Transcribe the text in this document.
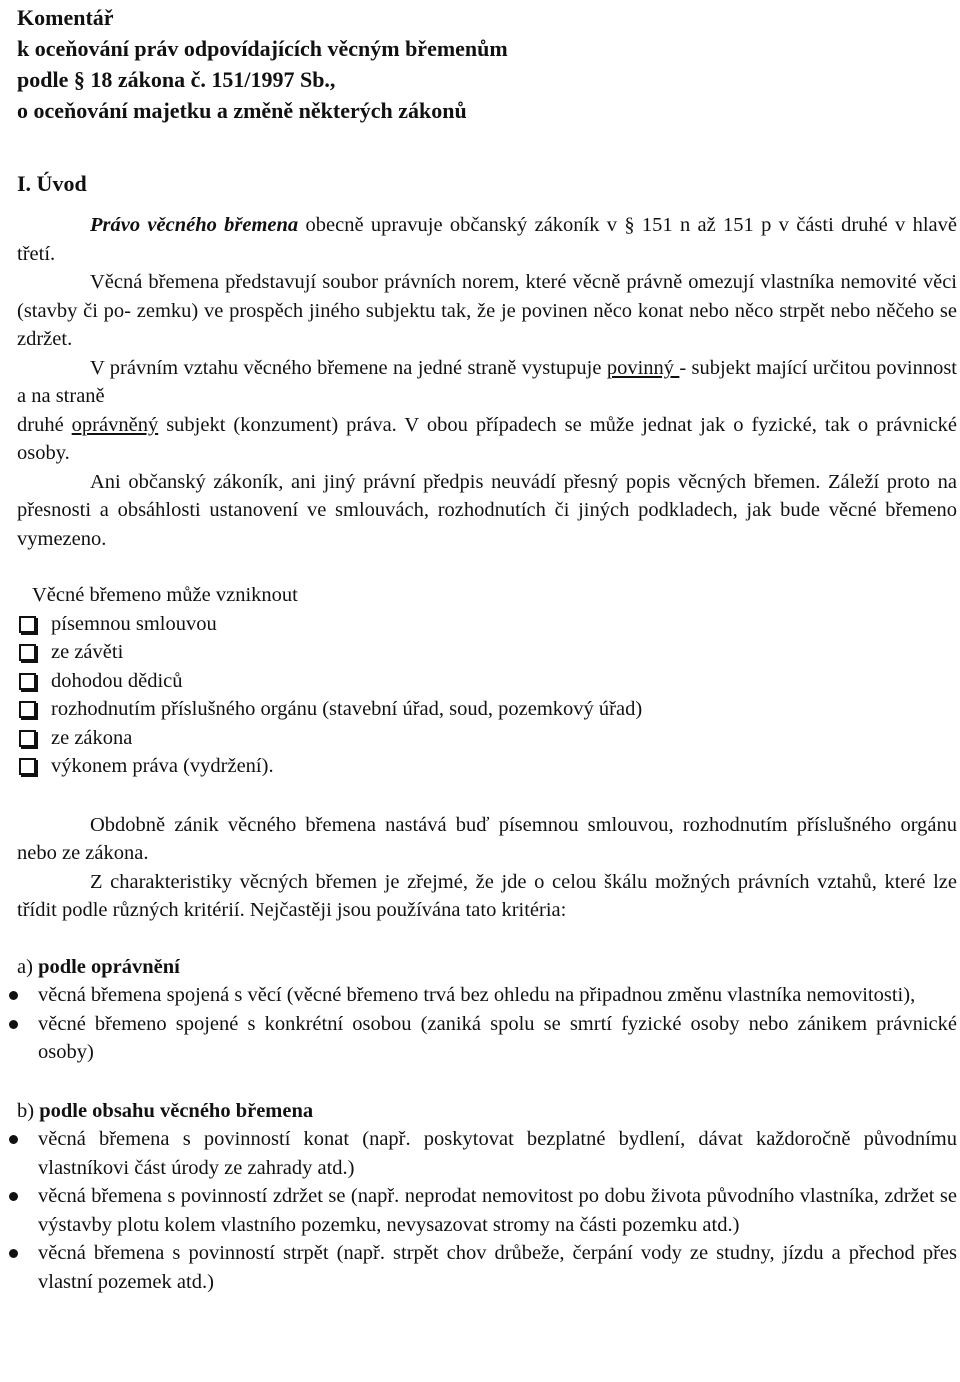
Komentář

k oceňování práv odpovídajících věcným břemenům

podle § 18 zákona č. 151/1997 Sb.,

o oceňování majetku a změně některých zákonů

I. Úvod

Právo věcného břemena obecně upravuje občanský zákoník v § 151 n až 151 p v části druhé v hlavě třetí.

Věcná břemena představují soubor právních norem, které věcně právně omezují vlastníka nemovité věci (stavby či po- zemku) ve prospěch jiného subjektu tak, že je povinen něco konat nebo něco strpět nebo něčeho se zdržet.

V právním vztahu věcného břemene na jedné straně vystupuje povinný - subjekt mající určitou povinnost a na straně
druhé oprávněný subjekt (konzument) práva. V obou případech se může jednat jak o fyzické, tak o právnické osoby.

Ani občanský zákoník, ani jiný právní předpis neuvádí přesný popis věcných břemen. Záleží proto na přesnosti a obsáhlosti ustanovení ve smlouvách, rozhodnutích či jiných podkladech, jak bude věcné břemeno vymezeno.

Věcné břemeno může vzniknout

písemnou smlouvou
ze závěti
dohodou dědiců
rozhodnutím příslušného orgánu (stavební úřad, soud, pozemkový úřad)
ze zákona
výkonem práva (vydržení).

Obdobně zánik věcného břemena nastává buď písemnou smlouvou, rozhodnutím příslušného orgánu nebo ze zákona.

Z charakteristiky věcných břemen je zřejmé, že jde o celou škálu možných právních vztahů, které lze třídit podle různých kritérií. Nejčastěji jsou používána tato kritéria:

a) podle oprávnění

věcná břemena spojená s věcí (věcné břemeno trvá bez ohledu na připadnou změnu vlastníka nemovitosti),
věcné břemeno spojené s konkrétní osobou (zaniká spolu se smrtí fyzické osoby nebo zánikem právnické osoby)

b) podle obsahu věcného břemena

věcná břemena s povinností konat (např. poskytovat bezplatné bydlení, dávat každoročně původnímu vlastníkovi část úrody ze zahrady atd.)
věcná břemena s povinností zdržet se (např. neprodat nemovitost po dobu života původního vlastníka, zdržet se výstavby plotu kolem vlastního pozemku, nevysazovat stromy na části pozemku atd.)
věcná břemena s povinností strpět (např. strpět chov drůbeže, čerpání vody ze studny, jízdu a přechod přes vlastní pozemek atd.)
